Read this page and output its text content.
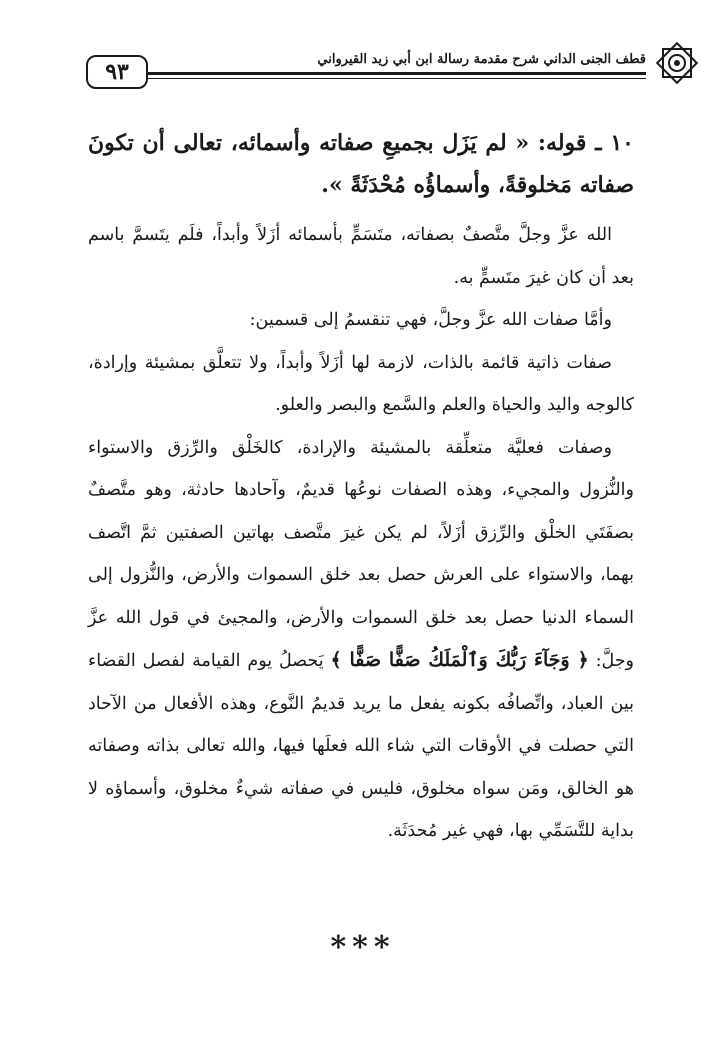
قطف الجنى الداني شرح مقدمة رسالة ابن أبي زيد القيرواني
٩٣

١٠ ـ قوله: « لم يَزَل بجميعِ صفاته وأسمائه، تعالى أن تكونَ صفاته مَخلوقةً، وأسماؤُه مُحْدَثَةً ».

الله عزَّ وجلَّ متَّصفٌ بصفاته، متَسَمٍّ بأسمائه أزَلاً وأبداً، فلَم يتَسمَّ باسم بعد أن كان غيرَ متَسمٍّ به.

وأمَّا صفات الله عزَّ وجلَّ، فهي تنقسمُ إلى قسمين:

صفات ذاتية قائمة بالذات، لازمة لها أزَلاً وأبداً، ولا تتعلَّق بمشيئة وإرادة، كالوجه واليد والحياة والعلم والسَّمع والبصر والعلو.

وصفات فعليَّة متعلِّقة بالمشيئة والإرادة، كالخَلْق والرِّزق والاستواء والنُّزول والمجيء، وهذه الصفات نوعُها قديمٌ، وآحادها حادثة، وهو متَّصفٌ بصفَتَي الخلْق والرِّزق أزَلاً، لم يكن غيرَ متَّصف بهاتين الصفتين ثمَّ اتَّصف بهما، والاستواء على العرش حصل بعد خلق السموات والأرض، والنُّزول إلى السماء الدنيا حصل بعد خلق السموات والأرض، والمجيئ في قول الله عزَّ وجلَّ: ﴿ وَجَآءَ رَبُّكَ وَٱلْمَلَكُ صَفًّا صَفًّا ﴾ يَحصلُ يوم القيامة لفصل القضاء بين العباد، واتِّصافُه بكونه يفعل ما يريد قديمُ النَّوع، وهذه الأفعال من الآحاد التي حصلت في الأوقات التي شاء الله فعلَها فيها، والله تعالى بذاته وصفاته هو الخالق، ومَن سواه مخلوق، فليس في صفاته شيءٌ مخلوق، وأسماؤه لا بداية للتَّسَمِّي بها، فهي غير مُحدَثَة.

***
